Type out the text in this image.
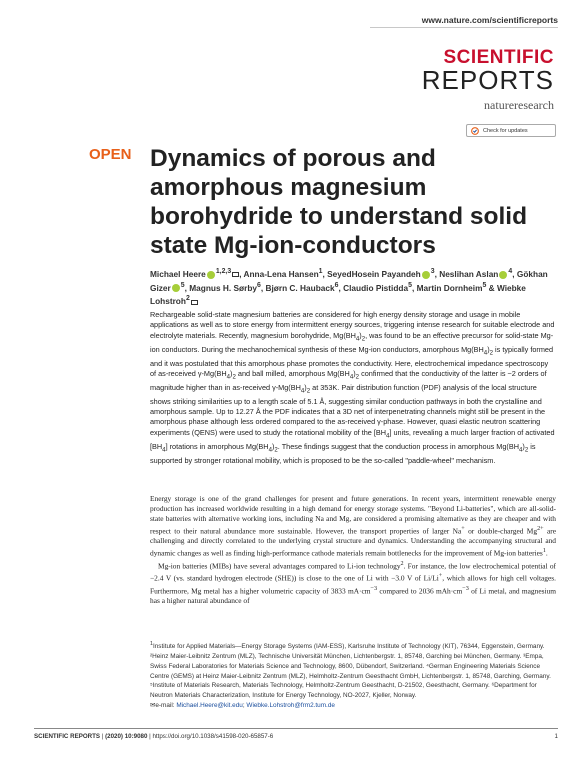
www.nature.com/scientificreports
SCIENTIFIC
REPORTS
natureresearch
Check for updates
OPEN Dynamics of porous and amorphous magnesium borohydride to understand solid state Mg-ion-conductors
Michael Heere $^{1,2,3}$ , Anna-Lena Hansen$^1$, SeyedHosein Payandeh $^3$, Neslihan Aslan $^4$, Gökhan Gizer $^5$, Magnus H. Sørby$^6$, Bjørn C. Hauback$^6$, Claudio Pistidda$^5$, Martin Dornheim$^5$ & Wiebke Lohstroh$^2$

Rechargeable solid-state magnesium batteries are considered for high energy density storage and usage in mobile applications as well as to store energy from intermittent energy sources, triggering intense research for suitable electrode and electrolyte materials. Recently, magnesium borohydride, $Mg(BH_4)_2$, was found to be an effective precursor for solid-state Mg-ion conductors. During the mechanochemical synthesis of these Mg-ion conductors, amorphous $Mg(BH_4)_2$ is typically formed and it was postulated that this amorphous phase promotes the conductivity. Here, electrochemical impedance spectroscopy of as-received $\gamma-Mg(BH_4)_2$ and ball milled, amorphous $Mg(BH_4)_2$ confirmed that the conductivity of the latter is ~2 orders of magnitude higher than in as-received $\gamma-Mg(BH_4)_2$ at 353K. Pair distribution function (PDF) analysis of the local structure shows striking similarities up to a length scale of 5.1 Å, suggesting similar conduction pathways in both the crystalline and amorphous sample. Up to 12.27 Å the PDF indicates that a 3D net of interpenetrating channels might still be present in the amorphous phase although less ordered compared to the as-received γ-phase. However, quasi elastic neutron scattering experiments (QENS) were used to study the rotational mobility of the $[BH_4]$ units, revealing a much larger fraction of activated $[BH_4]$ rotations in amorphous $Mg(BH_4)_2$. These findings suggest that the conduction process in amorphous $Mg(BH_4)_2$ is supported by stronger rotational mobility, which is proposed to be the so-called "paddle-wheel" mechanism.

Energy storage is one of the grand challenges for present and future generations. In recent years, intermittent renewable energy production has increased worldwide resulting in a high demand for energy storage systems. "Beyond Li-batteries", which are all-solid-state batteries with alternative working ions, including Na and Mg, are considered a promising alternative as they are cheaper and with respect to their natural abundance more sustainable. However, the transport properties of larger Na+ or double-charged $Mg^{2+}$ are challenging and directly correlated to the underlying crystal structure and dynamics. Understanding the accompanying structural and dynamic changes as well as finding high-performance cathode materials remain bottlenecks for the improvement of Mg-ion batteries$^1$.

Mg-ion batteries (MIBs) have several advantages compared to Li-ion technology$^2$. For instance, the low electrochemical potential of −2.4 V (vs. standard hydrogen electrode (SHE)) is close to the one of Li with −3.0 V of Li/Li+, which allows for high cell voltages. Furthermore, Mg metal has a higher volumetric capacity of 3833 $mA\cdot cm^{-3}$ compared to 2036 $mAh\cdot cm^{-3}$ of Li metal, and magnesium has a higher natural abundance of

$^1$Institute for Applied Materials—Energy Storage Systems (IAM-ESS), Karlsruhe Institute of Technology (KIT), 76344, Eggenstein, Germany. ²Heinz Maier-Leibnitz Zentrum (MLZ), Technische Universität München, Lichtenbergstr. 1, 85748, Garching bei München, Germany. ³Empa, Swiss Federal Laboratories for Materials Science and Technology, 8600, Dübendorf, Switzerland. ⁴German Engineering Materials Science Centre (GEMS) at Heinz Maier-Leibnitz Zentrum (MLZ), Helmholtz-Zentrum Geesthacht GmbH, Lichtenbergstr. 1, 85748, Garching, Germany. ⁵Institute of Materials Research, Materials Technology, Helmholtz-Zentrum Geesthacht, D-21502, Geesthacht, Germany. ⁶Department for Neutron Materials Characterization, Institute for Energy Technology, NO-2027, Kjeller, Norway.
✉e-mail: Michael.Heere@kit.edu; Wiebke.Lohstroh@frm2.tum.de
SCIENTIFIC REPORTS | (2020) 10:9080 | https://doi.org/10.1038/s41598-020-65857-6	1
